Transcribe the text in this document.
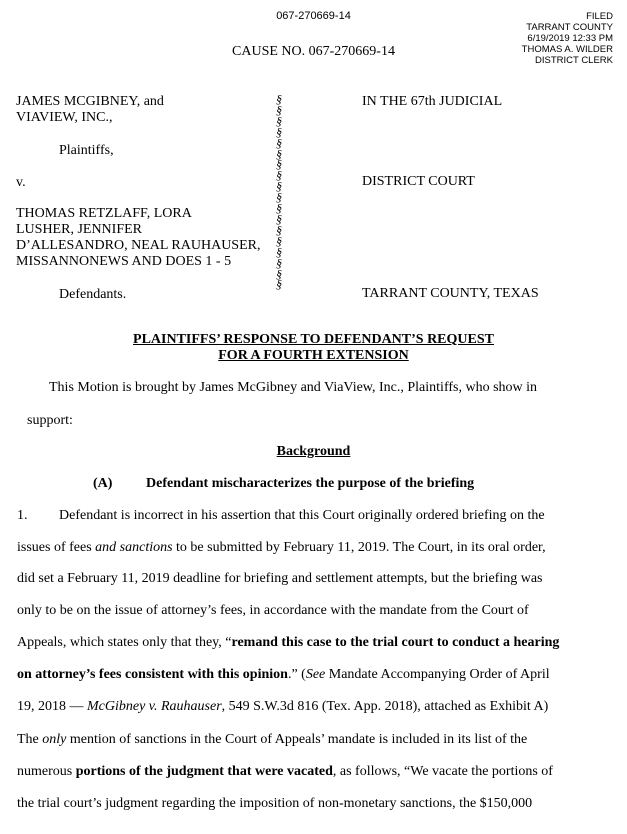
067-270669-14	FILED
TARRANT COUNTY
6/19/2019 12:33 PM
THOMAS A. WILDER
DISTRICT CLERK
CAUSE NO. 067-270669-14
JAMES MCGIBNEY, and
VIAVIEW, INC.,
Plaintiffs,
v.
THOMAS RETZLAFF, LORA
LUSHER, JENNIFER
D’ALLESANDRO, NEAL RAUHAUSER,
MISSANNONEWS AND DOES 1 - 5
Defendants.
§
§
§
§
§
§
§
§
§
§
§
§
§
§
§
§
§
§
IN THE 67th JUDICIAL
DISTRICT COURT
TARRANT COUNTY, TEXAS
PLAINTIFFS’ RESPONSE TO DEFENDANT’S REQUEST
FOR A FOURTH EXTENSION
This Motion is brought by James McGibney and ViaView, Inc., Plaintiffs, who show in
support:
Background
(A) Defendant mischaracterizes the purpose of the briefing
1. Defendant is incorrect in his assertion that this Court originally ordered briefing on the
issues of fees and sanctions to be submitted by February 11, 2019. The Court, in its oral order,
did set a February 11, 2019 deadline for briefing and settlement attempts, but the briefing was
only to be on the issue of attorney’s fees, in accordance with the mandate from the Court of
Appeals, which states only that they, “remand this case to the trial court to conduct a hearing
on attorney’s fees consistent with this opinion.” (See Mandate Accompanying Order of April
19, 2018 — McGibney v. Rauhauser, 549 S.W.3d 816 (Tex. App. 2018), attached as Exhibit A)
The only mention of sanctions in the Court of Appeals’ mandate is included in its list of the
numerous portions of the judgment that were vacated, as follows, “We vacate the portions of
the trial court’s judgment regarding the imposition of non-monetary sanctions, the $150,000
